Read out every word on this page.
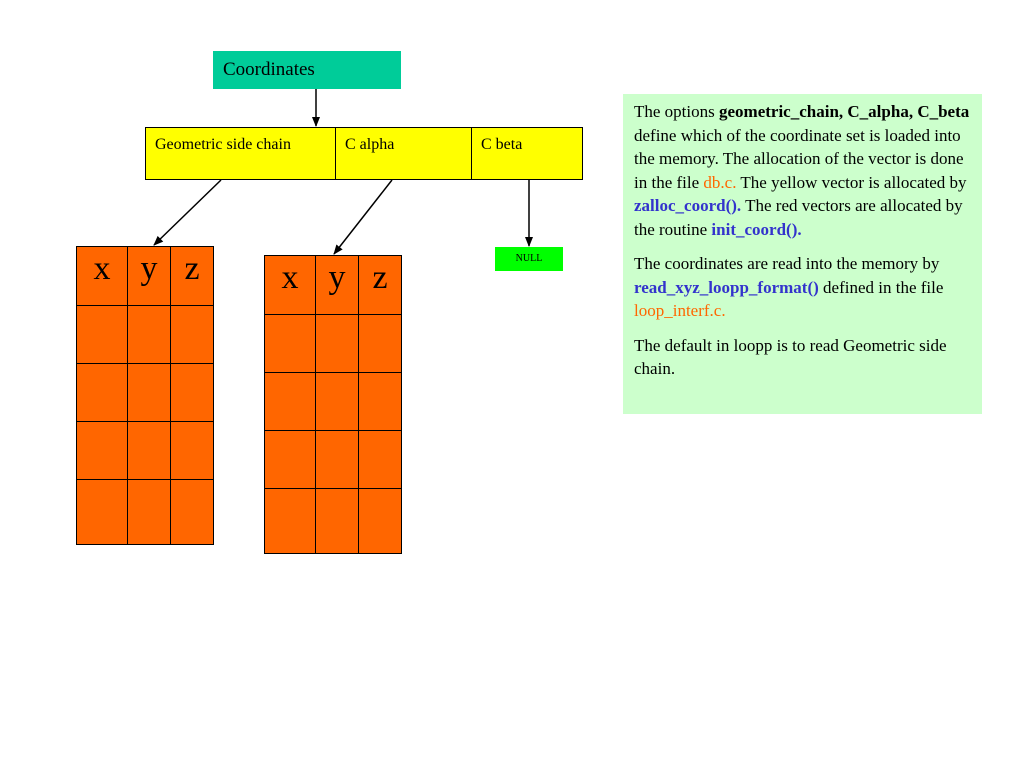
Coordinates
Geometric side chain	C alpha	C beta
NULL
x	y	z

		x	y	z

The options geometric_chain, C_alpha, C_beta define which of the coordinate set is loaded into the memory. The allocation of the vector is done in the file db.c. The yellow vector is allocated by zalloc_coord(). The red vectors are allocated by the routine init_coord().

The coordinates are read into the memory by read_xyz_loopp_format() defined in the file loop_interf.c.

The default in loopp is to read Geometric side chain.
